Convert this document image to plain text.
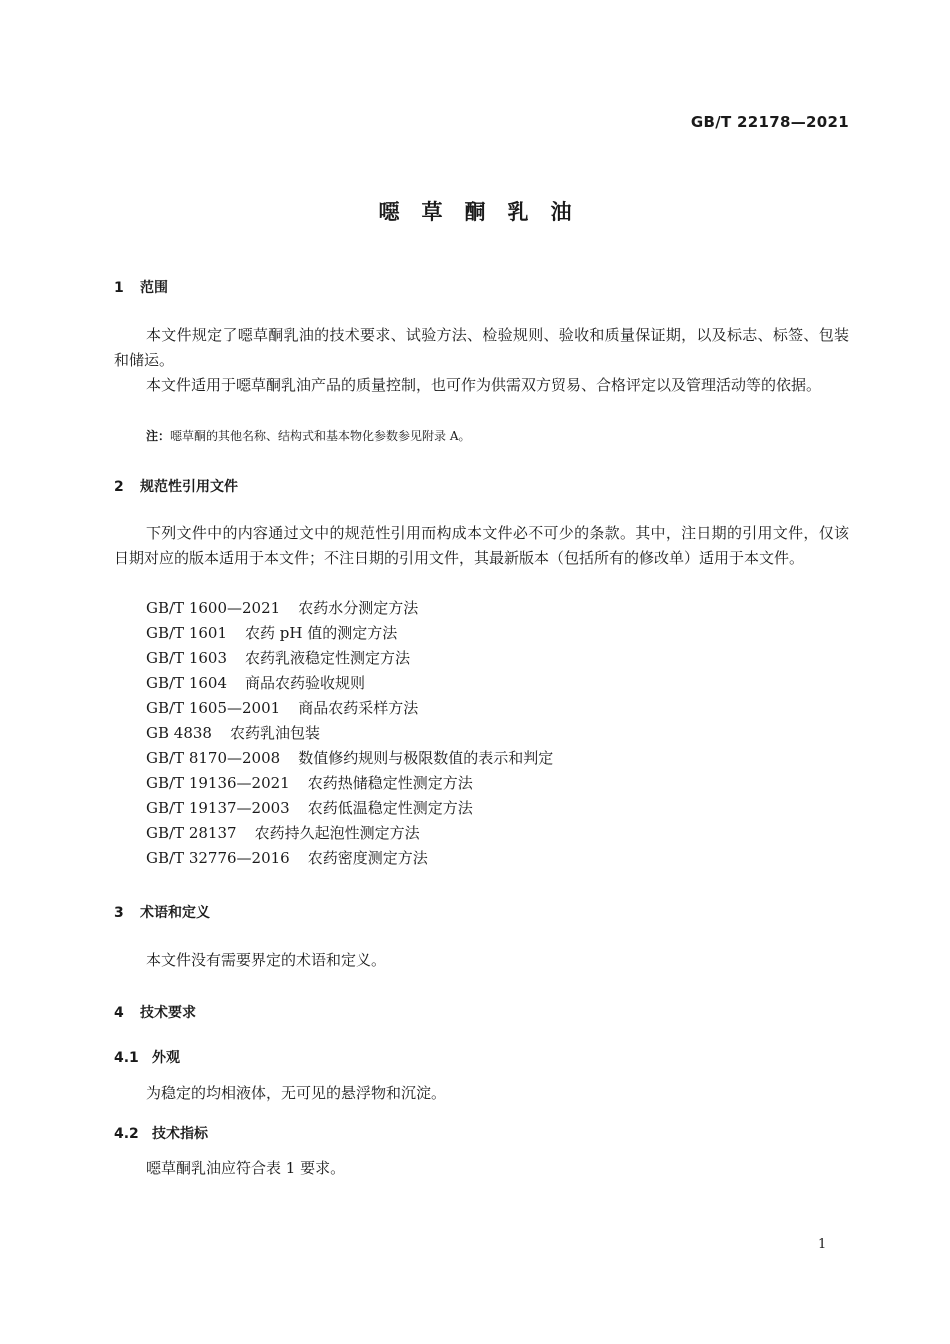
GB/T 22178—2021
噁草酮乳油
1 范围
本文件规定了噁草酮乳油的技术要求、试验方法、检验规则、验收和质量保证期，以及标志、标签、包装和储运。
本文件适用于噁草酮乳油产品的质量控制，也可作为供需双方贸易、合格评定以及管理活动等的依据。
注：噁草酮的其他名称、结构式和基本物化参数参见附录 A。
2 规范性引用文件
下列文件中的内容通过文中的规范性引用而构成本文件必不可少的条款。其中，注日期的引用文件，仅该日期对应的版本适用于本文件；不注日期的引用文件，其最新版本（包括所有的修改单）适用于本文件。
GB/T 1600—2021 农药水分测定方法
GB/T 1601 农药 pH 值的测定方法
GB/T 1603 农药乳液稳定性测定方法
GB/T 1604 商品农药验收规则
GB/T 1605—2001 商品农药采样方法
GB 4838 农药乳油包装
GB/T 8170—2008 数值修约规则与极限数值的表示和判定
GB/T 19136—2021 农药热储稳定性测定方法
GB/T 19137—2003 农药低温稳定性测定方法
GB/T 28137 农药持久起泡性测定方法
GB/T 32776—2016 农药密度测定方法
3 术语和定义
本文件没有需要界定的术语和定义。
4 技术要求
4.1 外观
为稳定的均相液体，无可见的悬浮物和沉淀。
4.2 技术指标
噁草酮乳油应符合表 1 要求。
1
